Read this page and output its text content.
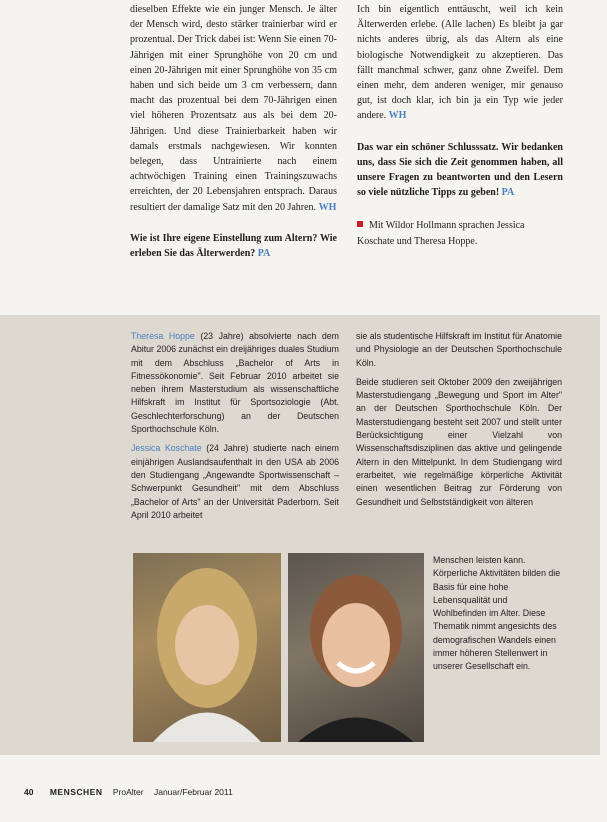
dieselben Effekte wie ein junger Mensch. Je älter der Mensch wird, desto stärker trainierbar wird er prozentual. Der Trick dabei ist: Wenn Sie einen 70-Jährigen mit einer Sprunghöhe von 20 cm und einen 20-Jährigen mit einer Sprunghöhe von 35 cm haben und sich beide um 3 cm verbessern, dann macht das prozentual bei dem 70-Jährigen einen viel höheren Prozentsatz aus als bei dem 20-Jährigen. Und diese Trainierbarkeit haben wir damals erstmals nachgewiesen. Wir konnten belegen, dass Untrainierte nach einem achtwöchigen Training einen Trainingszuwachs erreichten, der 20 Lebensjahren entsprach. Daraus resultiert der damalige Satz mit den 20 Jahren. WH

Wie ist Ihre eigene Einstellung zum Altern? Wie erleben Sie das Älterwerden? PA

Ich bin eigentlich enttäuscht, weil ich kein Älterwerden erlebe. (Alle lachen) Es bleibt ja gar nichts anderes übrig, als das Altern als eine biologische Notwendigkeit zu akzeptieren. Das fällt manchmal schwer, ganz ohne Zweifel. Dem einen mehr, dem anderen weniger, mir genauso gut, ist doch klar, ich bin ja ein Typ wie jeder andere. WH

Das war ein schöner Schlusssatz. Wir bedanken uns, dass Sie sich die Zeit genommen haben, all unsere Fragen zu beantworten und den Lesern so viele nützliche Tipps zu geben! PA

Mit Wildor Hollmann sprachen Jessica Koschate und Theresa Hoppe.

Theresa Hoppe (23 Jahre) absolvierte nach dem Abitur 2006 zunächst ein dreijähriges duales Studium mit dem Abschluss „Bachelor of Arts in Fitnessökonomie". Seit Februar 2010 arbeitet sie neben ihrem Masterstudium als wissenschaftliche Hilfskraft im Institut für Sportsoziologie (Abt. Geschlechterforschung) an der Deutschen Sporthochschule Köln.

Jessica Koschate (24 Jahre) studierte nach einem einjährigen Auslandsaufenthalt in den USA ab 2006 den Studiengang „Angewandte Sportwissenschaft – Schwerpunkt Gesundheit" mit dem Abschluss „Bachelor of Arts" an der Universität Paderborn. Seit April 2010 arbeitet

sie als studentische Hilfskraft im Institut für Anatomie und Physiologie an der Deutschen Sporthochschule Köln.

Beide studieren seit Oktober 2009 den zweijährigen Masterstudiengang „Bewegung und Sport im Alter" an der Deutschen Sporthochschule Köln. Der Masterstudiengang besteht seit 2007 und stellt unter Berücksichtigung einer Vielzahl von Wissenschaftsdisziplinen das aktive und gelingende Altern in den Mittelpunkt. In dem Studiengang wird erarbeitet, wie regelmäßige körperliche Aktivität einen wesentlichen Beitrag zur Förderung von Gesundheit und Selbstständigkeit von älteren

Menschen leisten kann. Körperliche Aktivitäten bilden die Basis für eine hohe Lebensqualität und Wohlbefinden im Alter. Diese Thematik nimmt angesichts des demografischen Wandels einen immer höheren Stellenwert in unserer Gesellschaft ein.

40 MENSCHEN ProAlter Januar/Februar 2011
